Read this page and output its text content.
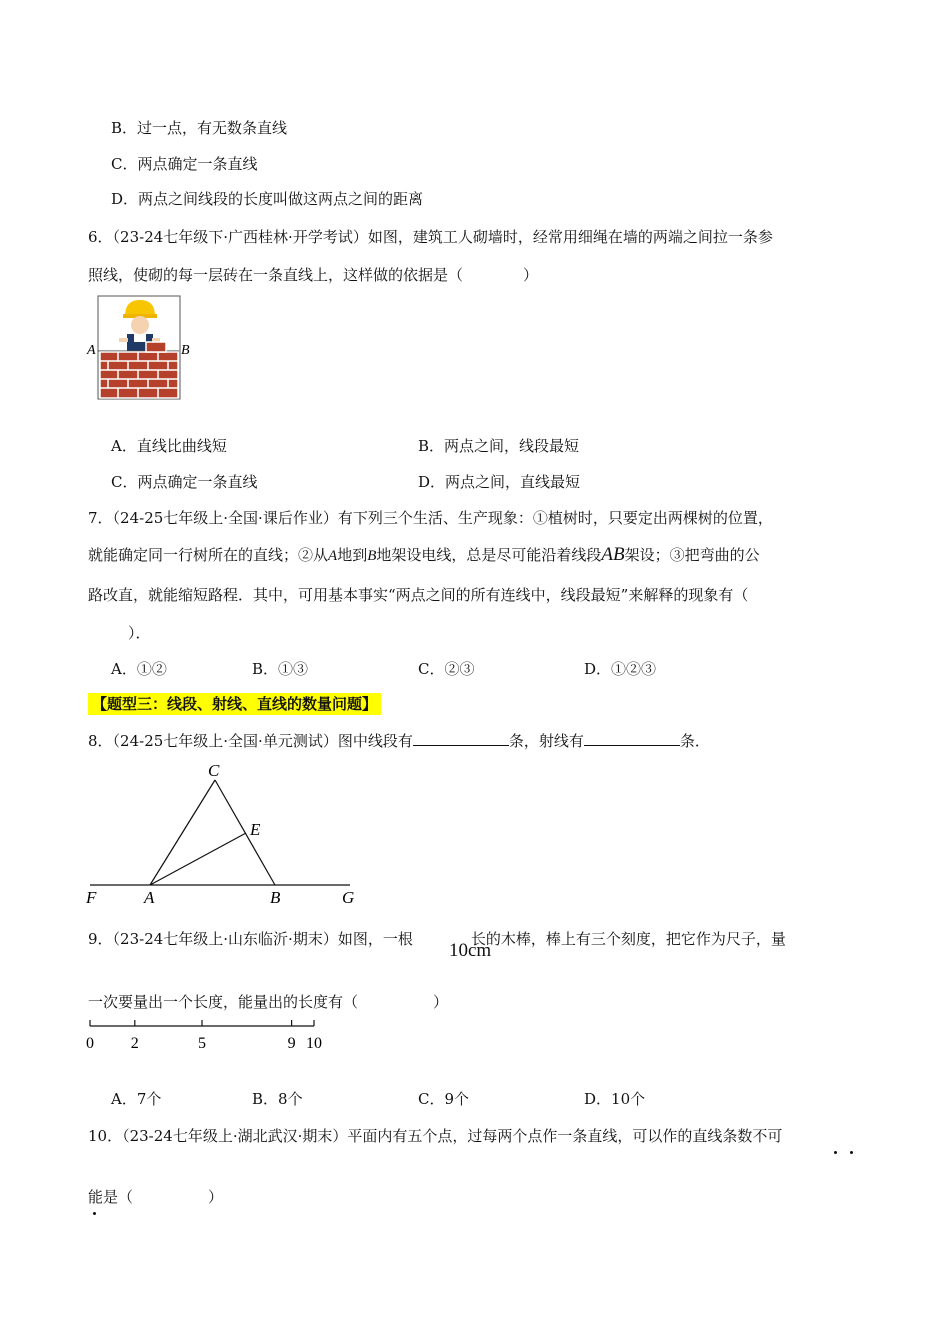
B．过一点，有无数条直线
C．两点确定一条直线
D．两点之间线段的长度叫做这两点之间的距离
6．（23-24七年级下·广西桂林·开学考试）如图，建筑工人砌墙时，经常用细绳在墙的两端之间拉一条参
照线，使砌的每一层砖在一条直线上，这样做的依据是（　　　　）
A	B
A．直线比曲线短	B．两点之间，线段最短
C．两点确定一条直线	D．两点之间，直线最短
7．（24-25七年级上·全国·课后作业）有下列三个生活、生产现象：①植树时，只要定出两棵树的位置，
就能确定同一行树所在的直线；②从A地到B地架设电线，总是尽可能沿着线段AB架设；③把弯曲的公
路改直，就能缩短路程．其中，可用基本事实“两点之间的所有连线中，线段最短”来解释的现象有（
）．
A．①②	B．①③	C．②③	D．①②③
【题型三：线段、射线、直线的数量问题】
8．（24-25七年级上·全国·单元测试）图中线段有	条，射线有	条．
C
E
F	A	B	G
9．（23-24七年级上·山东临沂·期末）如图，一根	长的木棒，棒上有三个刻度，把它作为尺子，量
10cm
一次要量出一个长度，能量出的长度有（　　　　　）
0 2	5	9 10
A．7个	B．8个	C．9个	D．10个
10．（23-24七年级上·湖北武汉·期末）平面内有五个点，过每两个点作一条直线，可以作的直线条数不可
能是（　　　　　）
